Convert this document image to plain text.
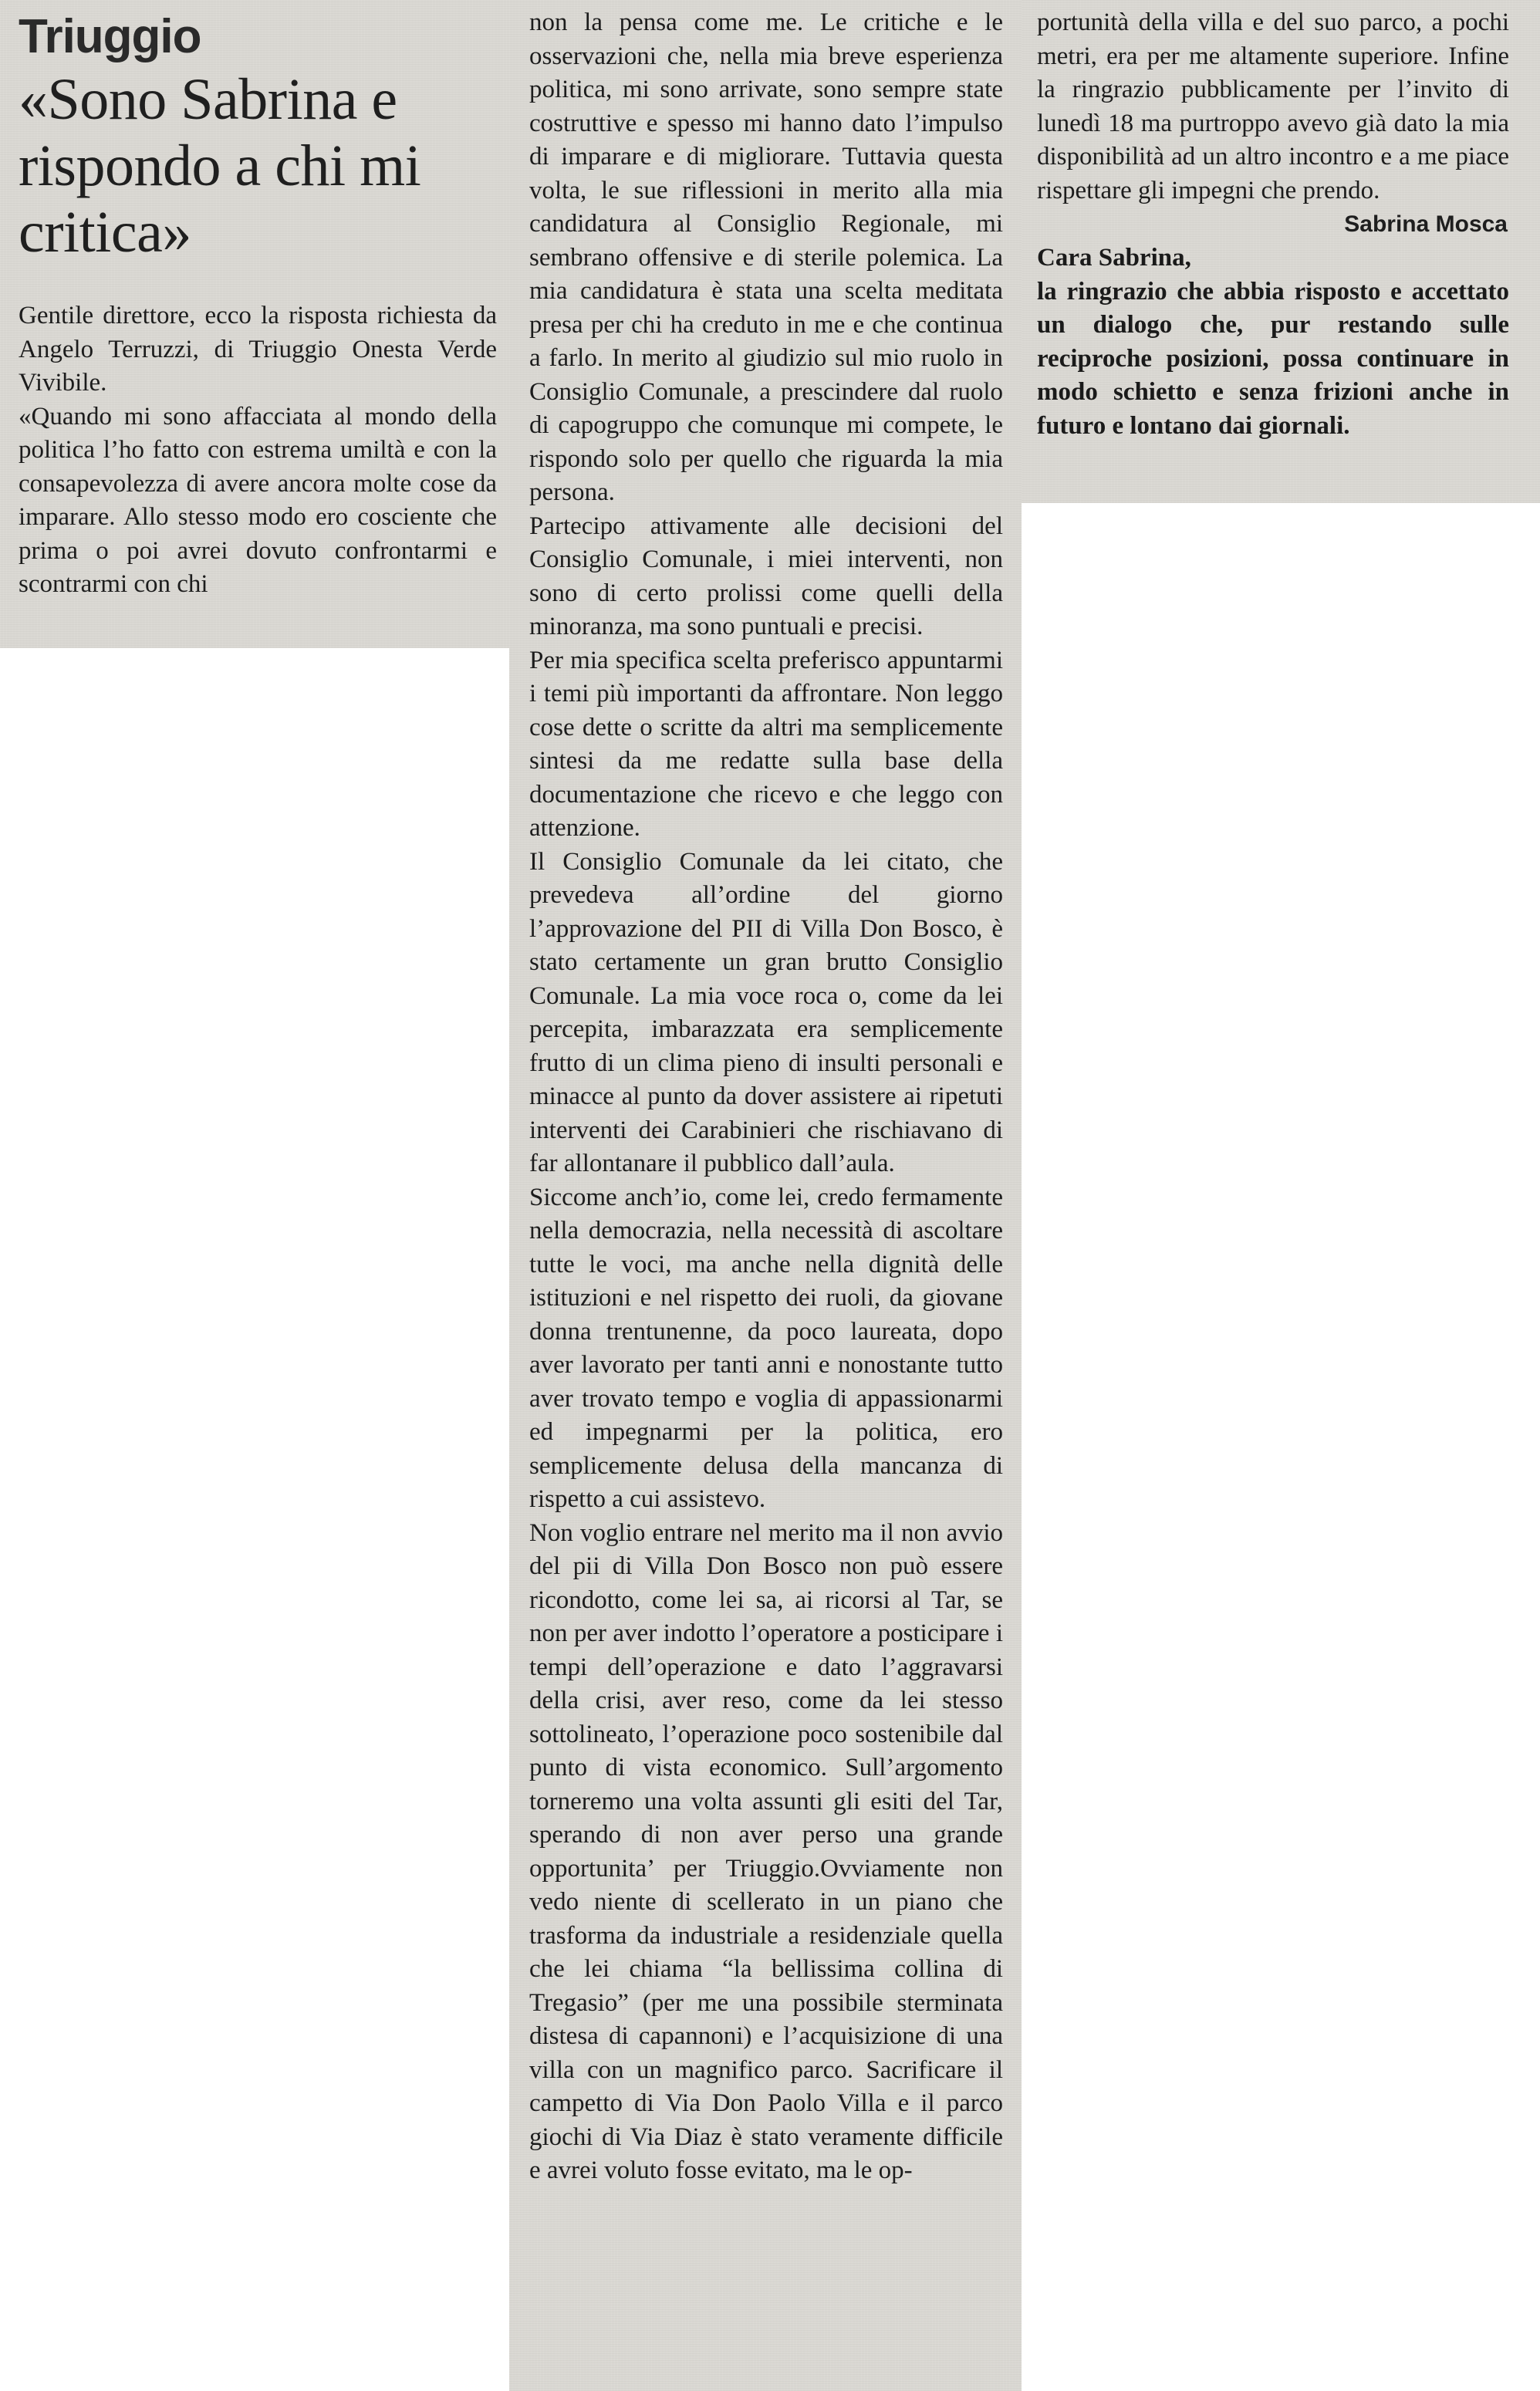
Triuggio
«Sono Sabrina e rispondo a chi mi critica»
Gentile direttore, ecco la risposta richiesta da Angelo Terruzzi, di Triuggio Onesta Verde Vivibile.

«Quando mi sono affacciata al mondo della politica l’ho fatto con estrema umiltà e con la consapevolezza di avere ancora molte cose da imparare. Allo stesso modo ero cosciente che prima o poi avrei dovuto confrontarmi e scontrarmi con chi

non la pensa come me. Le critiche e le osservazioni che, nella mia breve esperienza politica, mi sono arrivate, sono sempre state costruttive e spesso mi hanno dato l’impulso di imparare e di migliorare. Tuttavia questa volta, le sue riflessioni in merito alla mia candidatura al Consiglio Regionale, mi sembrano offensive e di sterile polemica. La mia candidatura è stata una scelta meditata presa per chi ha creduto in me e che continua a farlo. In merito al giudizio sul mio ruolo in Consiglio Comunale, a prescindere dal ruolo di capogruppo che comunque mi compete, le rispondo solo per quello che riguarda la mia persona.

Partecipo attivamente alle decisioni del Consiglio Comunale, i miei interventi, non sono di certo prolissi come quelli della minoranza, ma sono puntuali e precisi.

Per mia specifica scelta preferisco appuntarmi i temi più importanti da affrontare. Non leggo cose dette o scritte da altri ma semplicemente sintesi da me redatte sulla base della documentazione che ricevo e che leggo con attenzione.

Il Consiglio Comunale da lei citato, che prevedeva all’ordine del giorno l’approvazione del PII di Villa Don Bosco, è stato certamente un gran brutto Consiglio Comunale. La mia voce roca o, come da lei percepita, imbarazzata era semplicemente frutto di un clima pieno di insulti personali e minacce al punto da dover assistere ai ripetuti interventi dei Carabinieri che rischiavano di far allontanare il pubblico dall’aula.

Siccome anch’io, come lei, credo fermamente nella democrazia, nella necessità di ascoltare tutte le voci, ma anche nella dignità delle istituzioni e nel rispetto dei ruoli, da giovane donna trentunenne, da poco laureata, dopo aver lavorato per tanti anni e nonostante tutto aver trovato tempo e voglia di appassionarmi ed impegnarmi per la politica, ero semplicemente delusa della mancanza di rispetto a cui assistevo.

Non voglio entrare nel merito ma il non avvio del pii di Villa Don Bosco non può essere ricondotto, come lei sa, ai ricorsi al Tar, se non per aver indotto l’operatore a posticipare i tempi dell’operazione e dato l’aggravarsi della crisi, aver reso, come da lei stesso sottolineato, l’operazione poco sostenibile dal punto di vista economico. Sull’argomento torneremo una volta assunti gli esiti del Tar, sperando di non aver perso una grande opportunita’ per Triuggio.Ovviamente non vedo niente di scellerato in un piano che trasforma da industriale a residenziale quella che lei chiama “la bellissima collina di Tregasio” (per me una possibile sterminata distesa di capannoni) e l’acquisizione di una villa con un magnifico parco. Sacrificare il campetto di Via Don Paolo Villa e il parco giochi di Via Diaz è stato veramente difficile e avrei voluto fosse evitato, ma le op-

portunità della villa e del suo parco, a pochi metri, era per me altamente superiore. Infine la ringrazio pubblicamente per l’invito di lunedì 18 ma purtroppo avevo già dato la mia disponibilità ad un altro incontro e a me piace rispettare gli impegni che prendo.

Sabrina Mosca

Cara Sabrina,

la ringrazio che abbia risposto e accettato un dialogo che, pur restando sulle reciproche posizioni, possa continuare in modo schietto e senza frizioni anche in futuro e lontano dai giornali.
